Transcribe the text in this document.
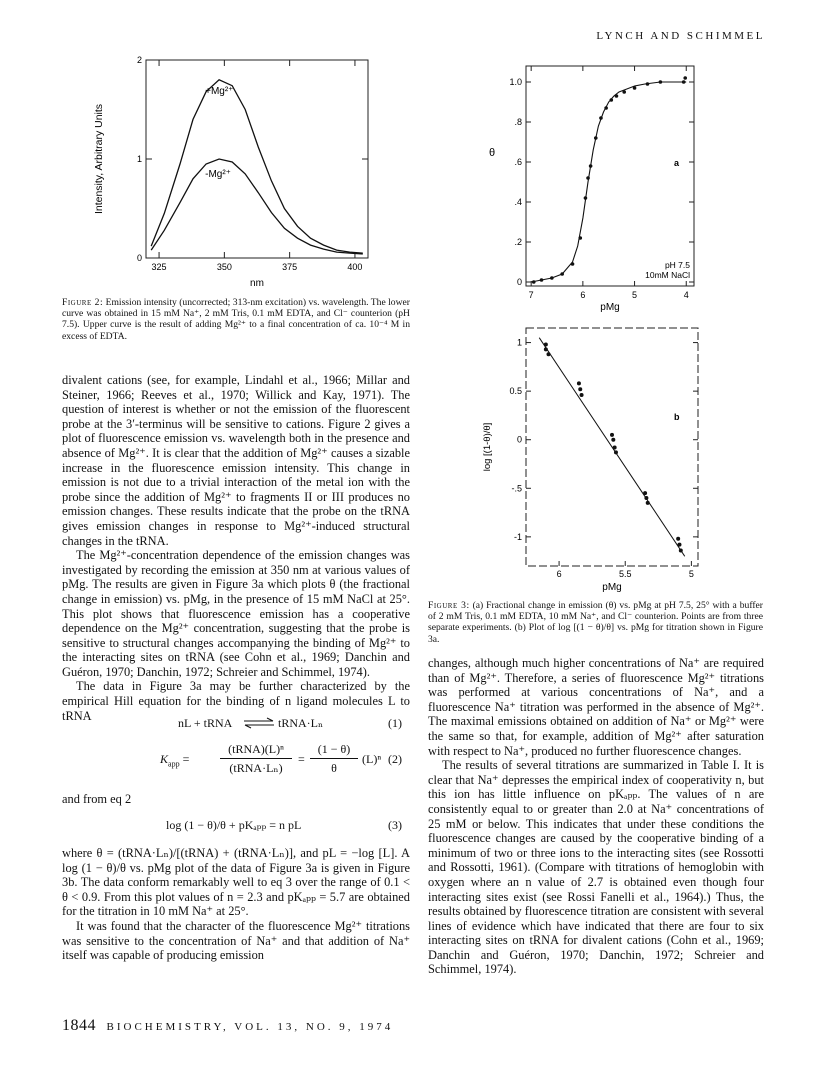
LYNCH AND SCHIMMEL
325	350	375	400
0
1
2
nm
Intensity, Arbitrary Units
+Mg²⁺
-Mg²⁺
Figure 2: Emission intensity (uncorrected; 313-nm excitation) vs. wavelength. The lower curve was obtained in 15 mM Na⁺, 2 mM Tris, 0.1 mM EDTA, and Cl⁻ counterion (pH 7.5). Upper curve is the result of adding Mg²⁺ to a final concentration of ca. 10⁻⁴ M in excess of EDTA.
7	6	5	4
0
.2
.4
.6
.8
1.0
pMg
θ
a
pH 7.5
10mM NaCl
6	5.5	5
1
0.5
0
-.5
-1
pMg
log [(1-θ)/θ]
b
Figure 3: (a) Fractional change in emission (θ) vs. pMg at pH 7.5, 25° with a buffer of 2 mM Tris, 0.1 mM EDTA, 10 mM Na⁺, and Cl⁻ counterion. Points are from three separate experiments. (b) Plot of log [(1 − θ)/θ] vs. pMg for titration shown in Figure 3a.

divalent cations (see, for example, Lindahl et al., 1966; Millar and Steiner, 1966; Reeves et al., 1970; Willick and Kay, 1971). The question of interest is whether or not the emission of the fluorescent probe at the 3′-terminus will be sensitive to cations. Figure 2 gives a plot of fluorescence emission vs. wavelength both in the presence and absence of Mg²⁺. It is clear that the addition of Mg²⁺ causes a sizable increase in the fluorescence emission intensity. This change in emission is not due to a trivial interaction of the metal ion with the probe since the addition of Mg²⁺ to fragments II or III produces no emission changes. These results indicate that the probe on the tRNA gives emission changes in response to Mg²⁺-induced structural changes in the tRNA.

The Mg²⁺-concentration dependence of the emission changes was investigated by recording the emission at 350 nm at various values of pMg. The results are given in Figure 3a which plots θ (the fractional change in emission) vs. pMg, in the presence of 15 mM NaCl at 25°. This plot shows that fluorescence emission has a cooperative dependence on the Mg²⁺ concentration, suggesting that the probe is sensitive to structural changes accompanying the binding of Mg²⁺ to the interacting sites on tRNA (see Cohn et al., 1969; Danchin and Guéron, 1970; Danchin, 1972; Schreier and Schimmel, 1974).

The data in Figure 3a may be further characterized by the empirical Hill equation for the binding of n ligand molecules L to tRNA

nL + tRNA ⇌ tRNA·Lₙ	(1)
$K_{app}$ =
(tRNA)(L)ⁿ
(tRNA·Lₙ)
=
(1 − θ)
θ
(L)ⁿ (2)
and from eq 2
log (1 − θ)/θ + pKₐₚₚ = n pL	(3)

where θ = (tRNA·Lₙ)/[(tRNA) + (tRNA·Lₙ)], and pL = −log [L]. A log (1 − θ)/θ vs. pMg plot of the data of Figure 3a is given in Figure 3b. The data conform remarkably well to eq 3 over the range of 0.1 < θ < 0.9. From this plot values of n = 2.3 and pKₐₚₚ = 5.7 are obtained for the titration in 10 mM Na⁺ at 25°.

It was found that the character of the fluorescence Mg²⁺ titrations was sensitive to the concentration of Na⁺ and that addition of Na⁺ itself was capable of producing emission

changes, although much higher concentrations of Na⁺ are required than of Mg²⁺. Therefore, a series of fluorescence Mg²⁺ titrations was performed at various concentrations of Na⁺, and a fluorescence Na⁺ titration was performed in the absence of Mg²⁺. The maximal emissions obtained on addition of Na⁺ or Mg²⁺ were the same so that, for example, addition of Mg²⁺ after saturation with respect to Na⁺, produced no further fluorescence changes.

The results of several titrations are summarized in Table I. It is clear that Na⁺ depresses the empirical index of cooperativity n, but this ion has little influence on pKₐₚₚ. The values of n are consistently equal to or greater than 2.0 at Na⁺ concentrations of 25 mM or below. This indicates that under these conditions the fluorescence changes are caused by the cooperative binding of a minimum of two or three ions to the interacting sites (see Rossotti and Rossotti, 1961). (Compare with titrations of hemoglobin with oxygen where an n value of 2.7 is obtained even though four interacting sites exist (see Rossi Fanelli et al., 1964).) Thus, the results obtained by fluorescence titration are consistent with several lines of evidence which have indicated that there are four to six interacting sites on tRNA for divalent cations (Cohn et al., 1969; Danchin and Guéron, 1970; Danchin, 1972; Schreier and Schimmel, 1974).

1844 BIOCHEMISTRY, VOL. 13, NO. 9, 1974
